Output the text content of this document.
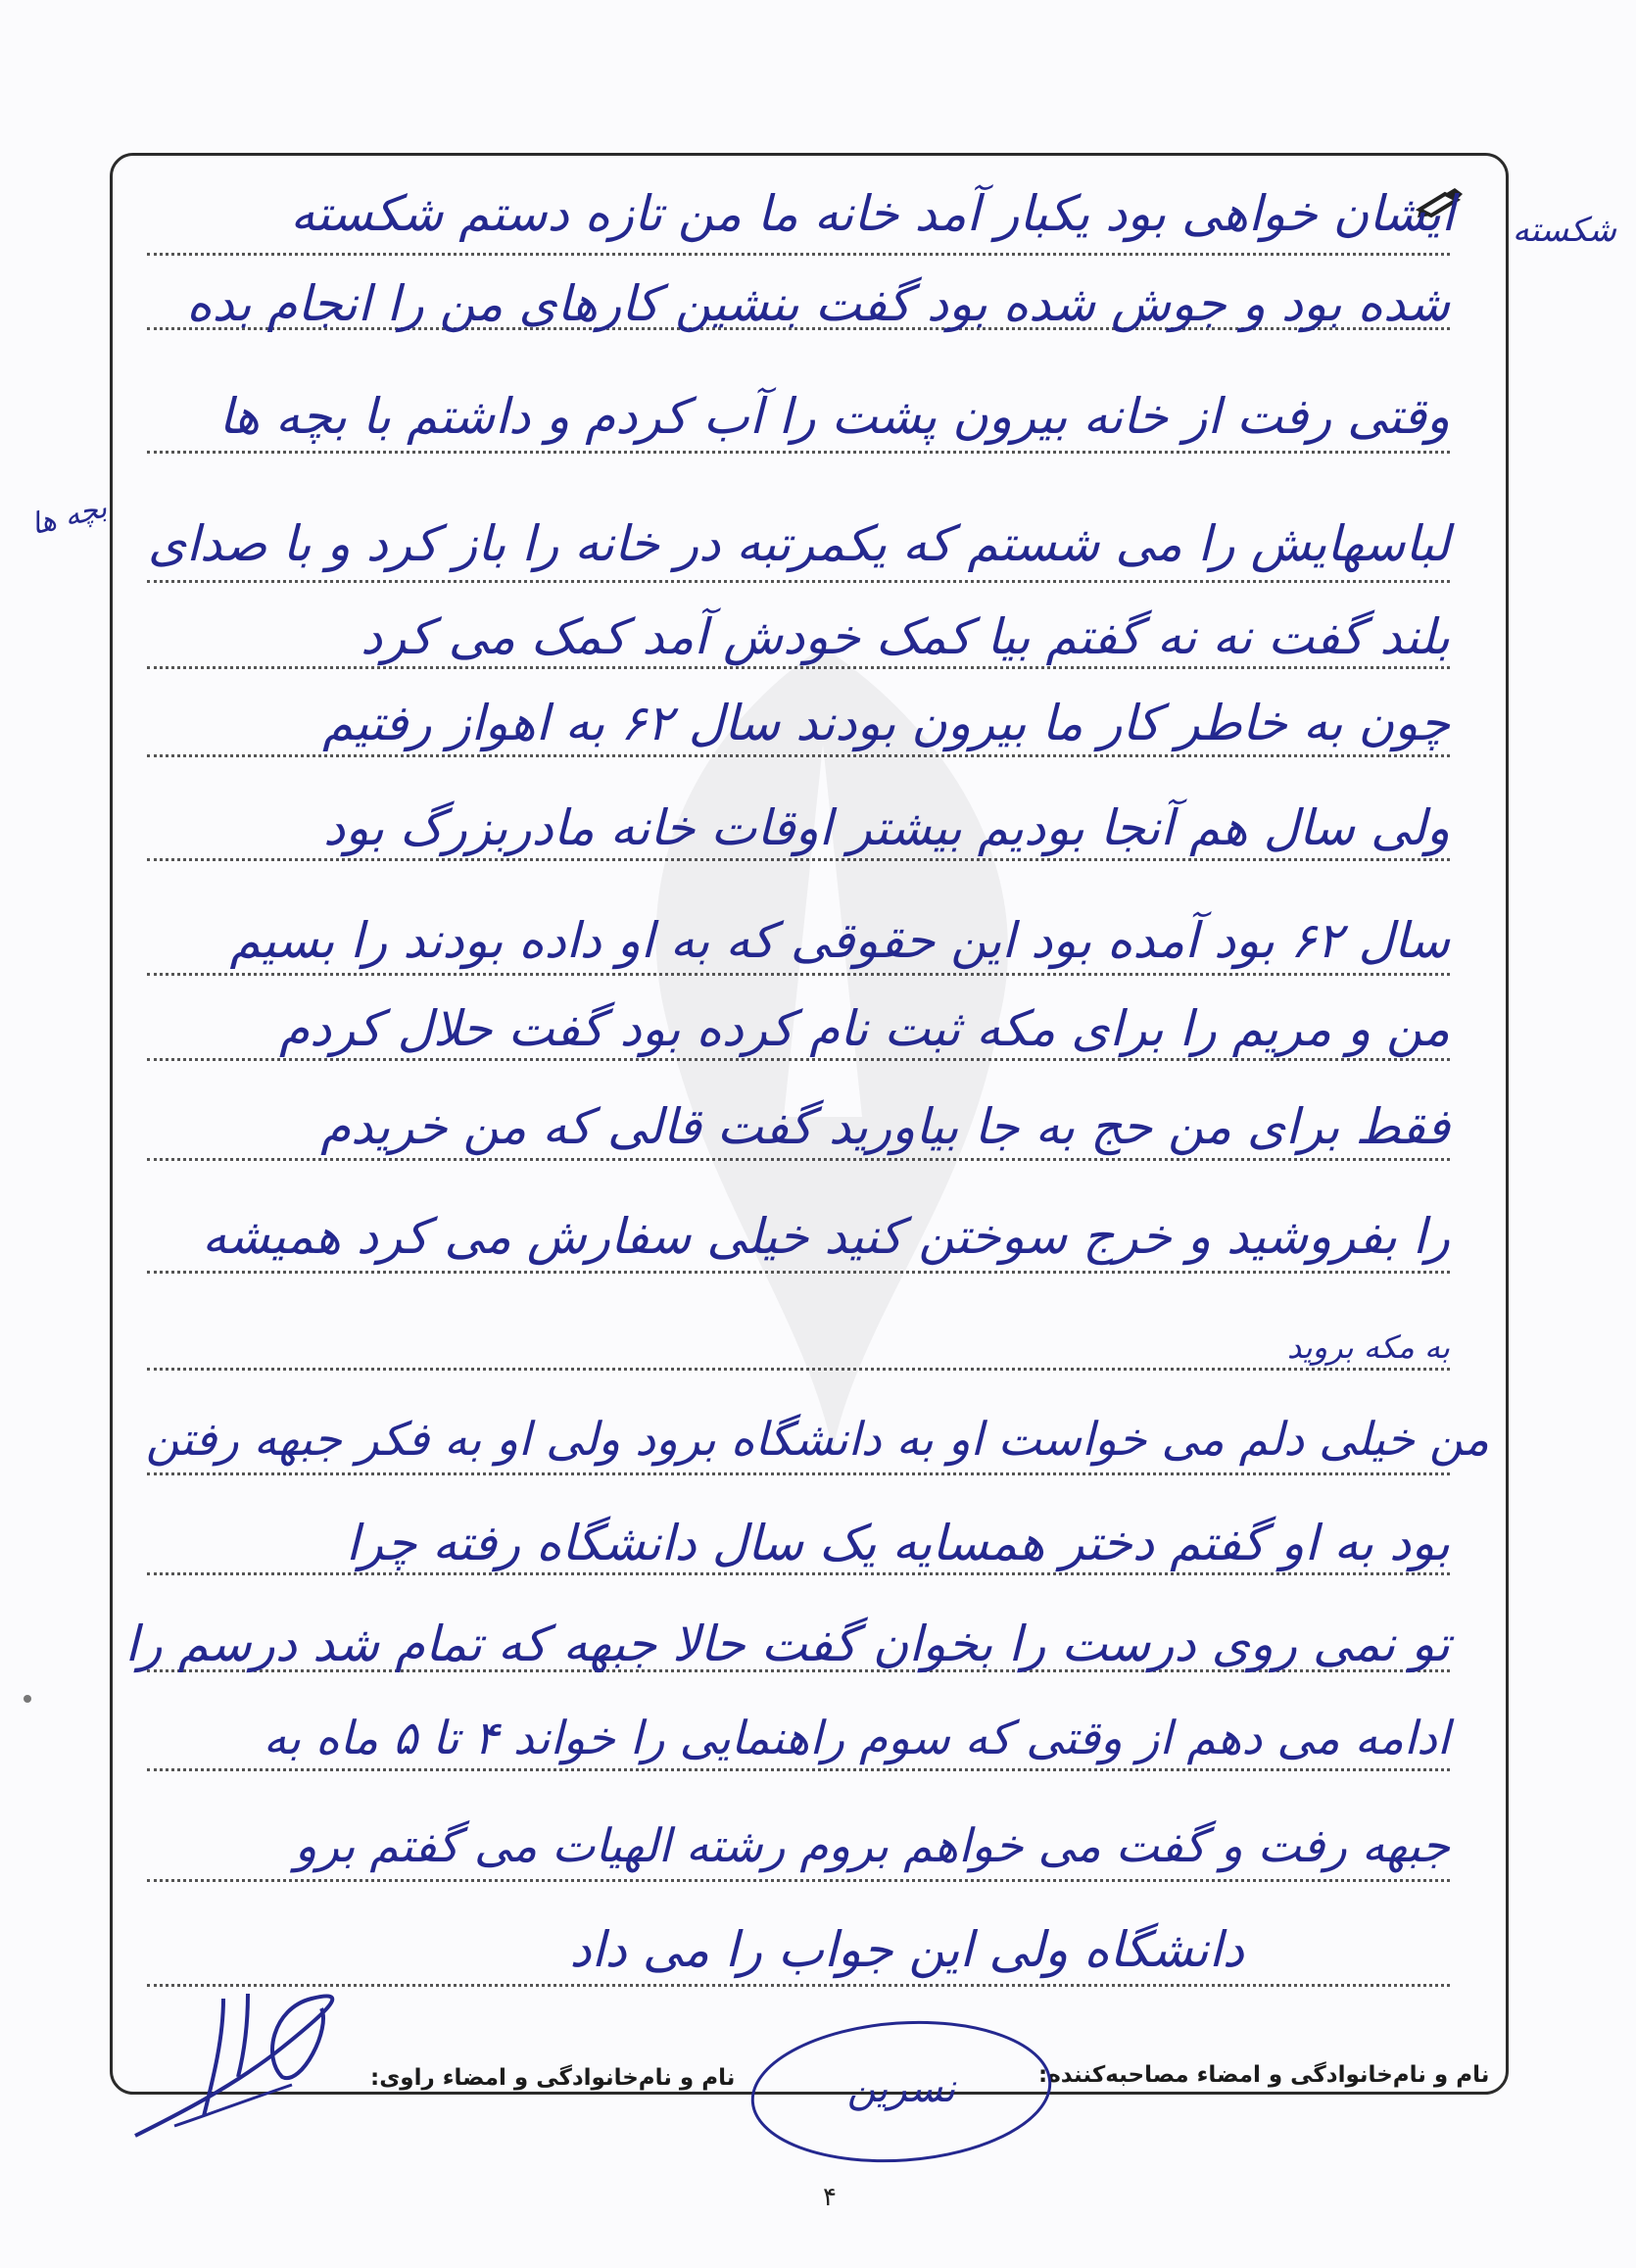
ایشان خواهی بود یکبار آمد خانه ما من تازه دستم شکسته
شده بود و جوش شده بود گفت بنشین کارهای من را انجام بده
وقتی رفت از خانه بیرون پشت را آب کردم و داشتم با بچه ها
لباسهایش را می شستم که یکمرتبه در خانه را باز کرد و با صدای
بلند گفت نه نه گفتم بیا کمک خودش آمد کمک می کرد
چون به خاطر کار ما بیرون بودند سال ۶۲ به اهواز رفتیم
ولی سال هم آنجا بودیم بیشتر اوقات خانه مادربزرگ بود
سال ۶۲ بود آمده بود این حقوقی که به او داده بودند را بسیم
من و مریم را برای مکه ثبت نام کرده بود گفت حلال کردم
فقط برای من حج به جا بیاورید گفت قالی که من خریدم
را بفروشید و خرج سوختن کنید خیلی سفارش می کرد همیشه
به مکه بروید
من خیلی دلم می خواست او به دانشگاه برود ولی او به فکر جبهه رفتن
بود به او گفتم دختر همسایه یک سال دانشگاه رفته چرا
تو نمی روی درست را بخوان گفت حالا جبهه که تمام شد درسم را
ادامه می دهم از وقتی که سوم راهنمایی را خواند ۴ تا ۵ ماه به
جبهه رفت و گفت می خواهم بروم رشته الهیات می گفتم برو
دانشگاه ولی این جواب را می داد
شکسته
بچه ها
نام و نام‌خانوادگی و امضاء مصاحبه‌کننده:
نام و نام‌خانوادگی و امضاء راوی:	نسرین
۴
